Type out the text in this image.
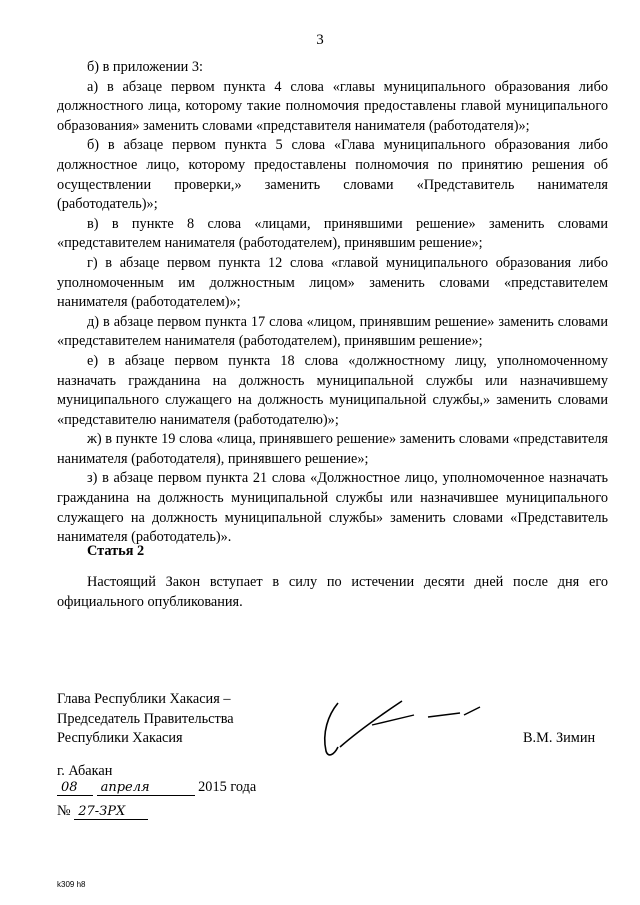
3

б) в приложении 3:

а) в абзаце первом пункта 4 слова «главы муниципального образования либо должностного лица, которому такие полномочия предоставлены главой муниципального образования» заменить словами «представителя нанимателя (работодателя)»;

б) в абзаце первом пункта 5 слова «Глава муниципального образования либо должностное лицо, которому предоставлены полномочия по принятию решения об осуществлении проверки,» заменить словами «Представитель нанимателя (работодатель)»;

в) в пункте 8 слова «лицами, принявшими решение» заменить словами «представителем нанимателя (работодателем), принявшим решение»;

г) в абзаце первом пункта 12 слова «главой муниципального образования либо уполномоченным им должностным лицом» заменить словами «представителем нанимателя (работодателем)»;

д) в абзаце первом пункта 17 слова «лицом, принявшим решение» заменить словами «представителем нанимателя (работодателем), принявшим решение»;

е) в абзаце первом пункта 18 слова «должностному лицу, уполномоченному назначать гражданина на должность муниципальной службы или назначившему муниципального служащего на должность муниципальной службы,» заменить словами «представителю нанимателя (работодателю)»;

ж) в пункте 19 слова «лица, принявшего решение» заменить словами «представителя нанимателя (работодателя), принявшего решение»;

з) в абзаце первом пункта 21 слова «Должностное лицо, уполномоченное назначать гражданина на должность муниципальной службы или назначившее муниципального служащего на должность муниципальной службы» заменить словами «Представитель нанимателя (работодатель)».

Статья 2

Настоящий Закон вступает в силу по истечении десяти дней после дня его официального опубликования.

Глава Республики Хакасия –
Председатель Правительства
Республики Хакасия	В.М. Зимин
г. Абакан
08 апреля	2015 года
№ 27-ЗРХ
k309 h8
